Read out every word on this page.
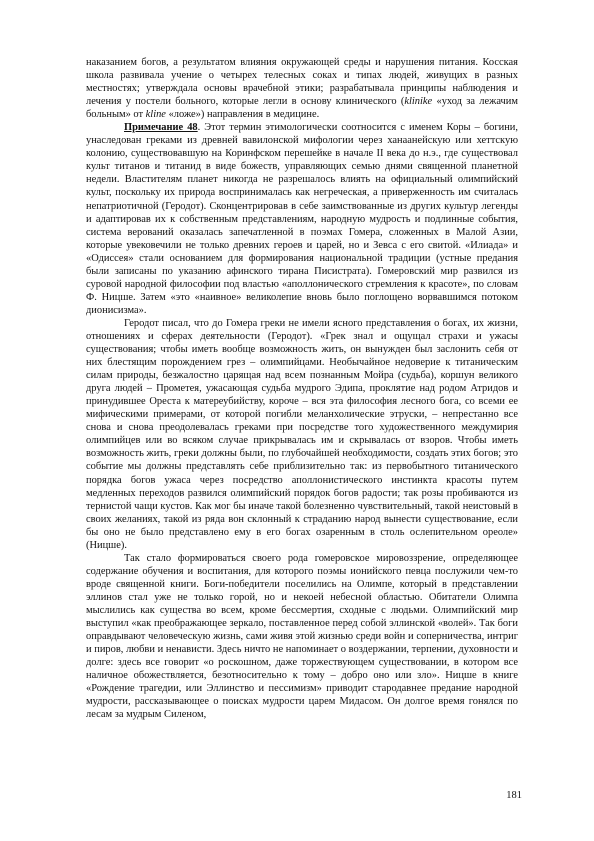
наказанием богов, а результатом влияния окружающей среды и нарушения питания. Косская школа развивала учение о четырех телесных соках и типах людей, живущих в разных местностях; утверждала основы врачебной этики; разрабатывала принципы наблюдения и лечения у постели больного, которые легли в основу клинического (klinike «уход за лежачим больным» от kline «ложе») направления в медицине.

Примечание 48. Этот термин этимологически соотносится с именем Коры – богини, унаследован греками из древней вавилонской мифологии через ханаанейскую или хеттскую колонию, существовавшую на Коринфском перешейке в начале II века до н.э., где существовал культ титанов и титанид в виде божеств, управляющих семью днями священной планетной недели. Властителям планет никогда не разрешалось влиять на официальный олимпийский культ, поскольку их природа воспринималась как негреческая, а приверженность им считалась непатриотичной (Геродот). Сконцентрировав в себе заимствованные из других культур легенды и адаптировав их к собственным представлениям, народную мудрость и подлинные события, система верований оказалась запечатленной в поэмах Гомера, сложенных в Малой Азии, которые увековечили не только древних героев и царей, но и Зевса с его свитой. «Илиада» и «Одиссея» стали основанием для формирования национальной традиции (устные предания были записаны по указанию афинского тирана Писистрата). Гомеровский мир развился из суровой народной философии под властью «аполлонического стремления к красоте», по словам Ф. Ницше. Затем «это «наивное» великолепие вновь было поглощено ворвавшимся потоком дионисизма».

Геродот писал, что до Гомера греки не имели ясного представления о богах, их жизни, отношениях и сферах деятельности (Геродот). «Грек знал и ощущал страхи и ужасы существования; чтобы иметь вообще возможность жить, он вынужден был заслонить себя от них блестящим порождением грез – олимпийцами. Необычайное недоверие к титаническим силам природы, безжалостно царящая над всем познанным Мойра (судьба), коршун великого друга людей – Прометея, ужасающая судьба мудрого Эдипа, проклятие над родом Атридов и принудившее Ореста к матереубийству, короче – вся эта философия лесного бога, со всеми ее мифическими примерами, от которой погибли меланхолические этруски, – непрестанно все снова и снова преодолевалась греками при посредстве того художественного междумирия олимпийцев или во всяком случае прикрывалась им и скрывалась от взоров. Чтобы иметь возможность жить, греки должны были, по глубочайшей необходимости, создать этих богов; это событие мы должны представлять себе приблизительно так: из первобытного титанического порядка богов ужаса через посредство аполлонистического инстинкта красоты путем медленных переходов развился олимпийский порядок богов радости; так розы пробиваются из тернистой чащи кустов. Как мог бы иначе такой болезненно чувствительный, такой неистовый в своих желаниях, такой из ряда вон склонный к страданию народ вынести существование, если бы оно не было представлено ему в его богах озаренным в столь ослепительном ореоле» (Ницше).

Так стало формироваться своего рода гомеровское мировоззрение, определяющее содержание обучения и воспитания, для которого поэмы ионийского певца послужили чем-то вроде священной книги. Боги-победители поселились на Олимпе, который в представлении эллинов стал уже не только горой, но и некоей небесной областью. Обитатели Олимпа мыслились как существа во всем, кроме бессмертия, сходные с людьми. Олимпийский мир выступил «как преображающее зеркало, поставленное перед собой эллинской «волей». Так боги оправдывают человеческую жизнь, сами живя этой жизнью среди войн и соперничества, интриг и пиров, любви и ненависти. Здесь ничто не напоминает о воздержании, терпении, духовности и долге: здесь все говорит «о роскошном, даже торжествующем существовании, в котором все наличное обожествляется, безотносительно к тому – добро оно или зло». Ницше в книге «Рождение трагедии, или Эллинство и пессимизм» приводит стародавнее предание народной мудрости, рассказывающее о поисках мудрости царем Мидасом. Он долгое время гонялся по лесам за мудрым Силеном,

181
